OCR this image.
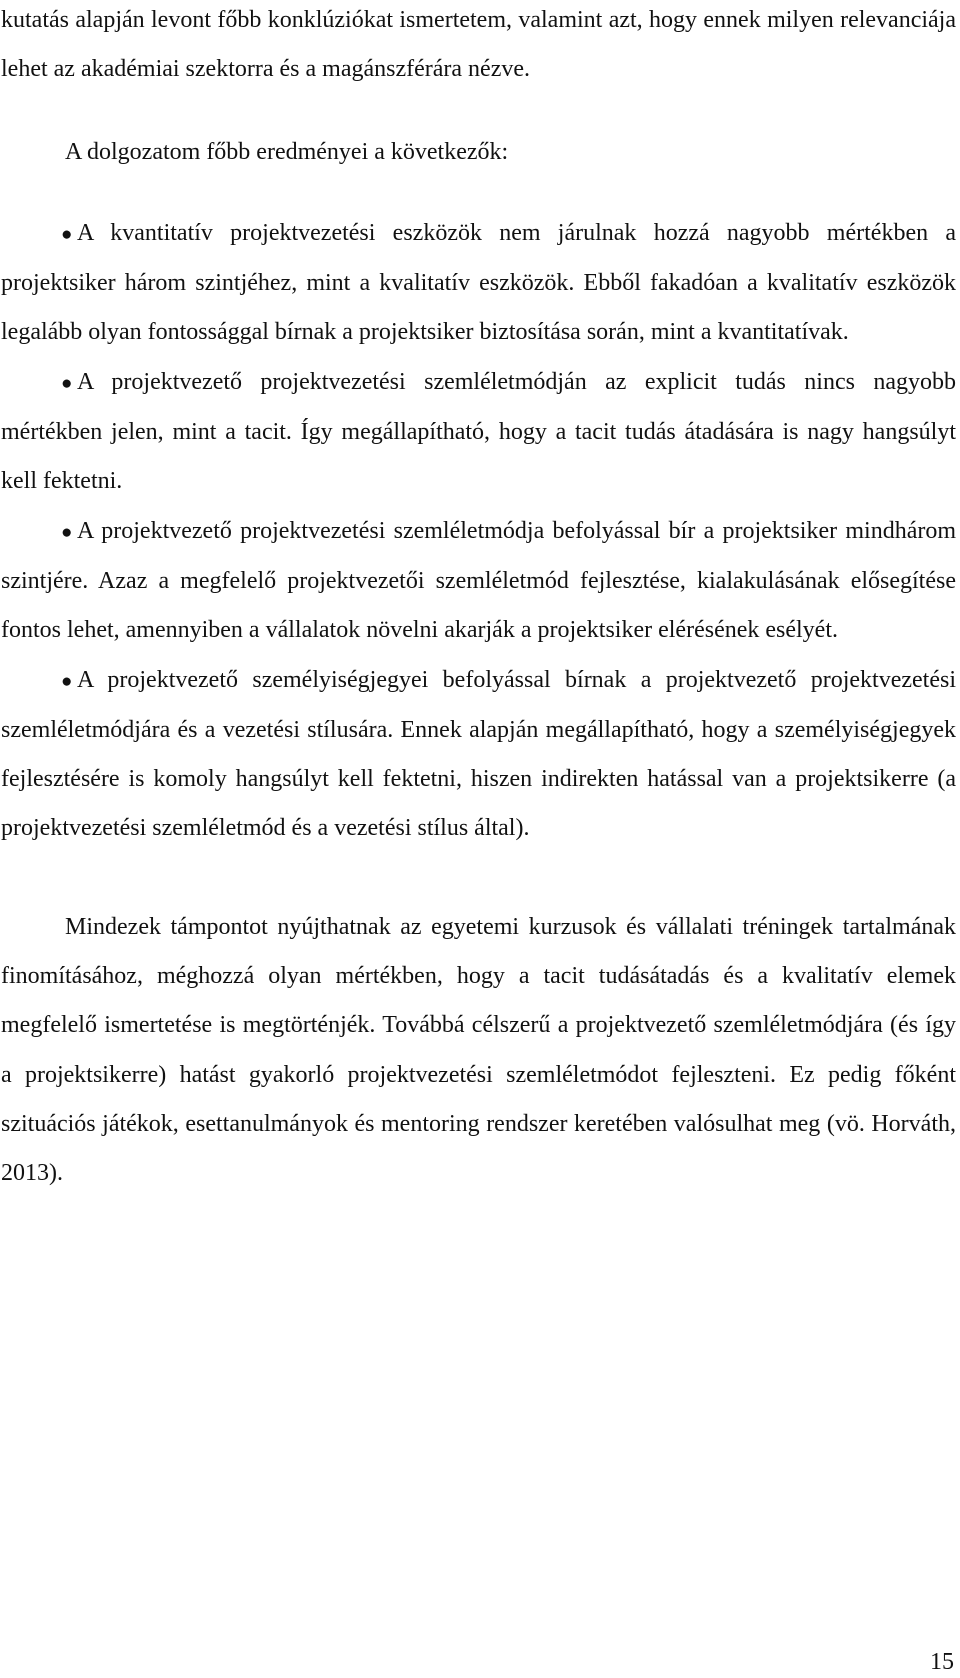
kutatás alapján levont főbb konklúziókat ismertetem, valamint azt, hogy ennek milyen relevanciája lehet az akadémiai szektorra és a magánszférára nézve.

A dolgozatom főbb eredményei a következők:

● A kvantitatív projektvezetési eszközök nem járulnak hozzá nagyobb mértékben a projektsiker három szintjéhez, mint a kvalitatív eszközök. Ebből fakadóan a kvalitatív eszközök legalább olyan fontossággal bírnak a projektsiker biztosítása során, mint a kvantitatívak.

● A projektvezető projektvezetési szemléletmódján az explicit tudás nincs nagyobb mértékben jelen, mint a tacit. Így megállapítható, hogy a tacit tudás átadására is nagy hangsúlyt kell fektetni.

● A projektvezető projektvezetési szemléletmódja befolyással bír a projektsiker mindhárom szintjére. Azaz a megfelelő projektvezetői szemléletmód fejlesztése, kialakulásának elősegítése fontos lehet, amennyiben a vállalatok növelni akarják a projektsiker elérésének esélyét.

● A projektvezető személyiségjegyei befolyással bírnak a projektvezető projektvezetési szemléletmódjára és a vezetési stílusára. Ennek alapján megállapítható, hogy a személyiségjegyek fejlesztésére is komoly hangsúlyt kell fektetni, hiszen indirekten hatással van a projektsikerre (a projektvezetési szemléletmód és a vezetési stílus által).

Mindezek támpontot nyújthatnak az egyetemi kurzusok és vállalati tréningek tartalmának finomításához, méghozzá olyan mértékben, hogy a tacit tudásátadás és a kvalitatív elemek megfelelő ismertetése is megtörténjék. Továbbá célszerű a projektvezető szemléletmódjára (és így a projektsikerre) hatást gyakorló projektvezetési szemléletmódot fejleszteni. Ez pedig főként szituációs játékok, esettanulmányok és mentoring rendszer keretében valósulhat meg (vö. Horváth, 2013).

15
